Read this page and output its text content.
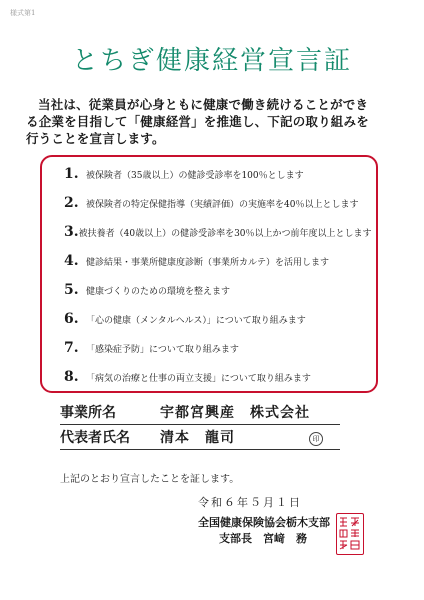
様式第1
とちぎ健康経営宣言証
当社は、従業員が心身ともに健康で働き続けることができ
る企業を目指して「健康経営」を推進し、下記の取り組みを
行うことを宣言します。
1. 被保険者（35歳以上）の健診受診率を100％とします
2. 被保険者の特定保健指導（実績評価）の実施率を40％以上とします
3. 被扶養者（40歳以上）の健診受診率を30％以上かつ前年度以上とします
4. 健診結果・事業所健康度診断（事業所カルテ）を活用します
5. 健康づくりのための環境を整えます
6. 「心の健康（メンタルヘルス）」について取り組みます
7. 「感染症予防」について取り組みます
8. 「病気の治療と仕事の両立支援」について取り組みます
事業所名	宇都宮興産　株式会社
代表者氏名	清本　龍司	印
上記のとおり宣言したことを証します。
令和６年５月１日
全国健康保険協会栃木支部
支部長　宮﨑　務
